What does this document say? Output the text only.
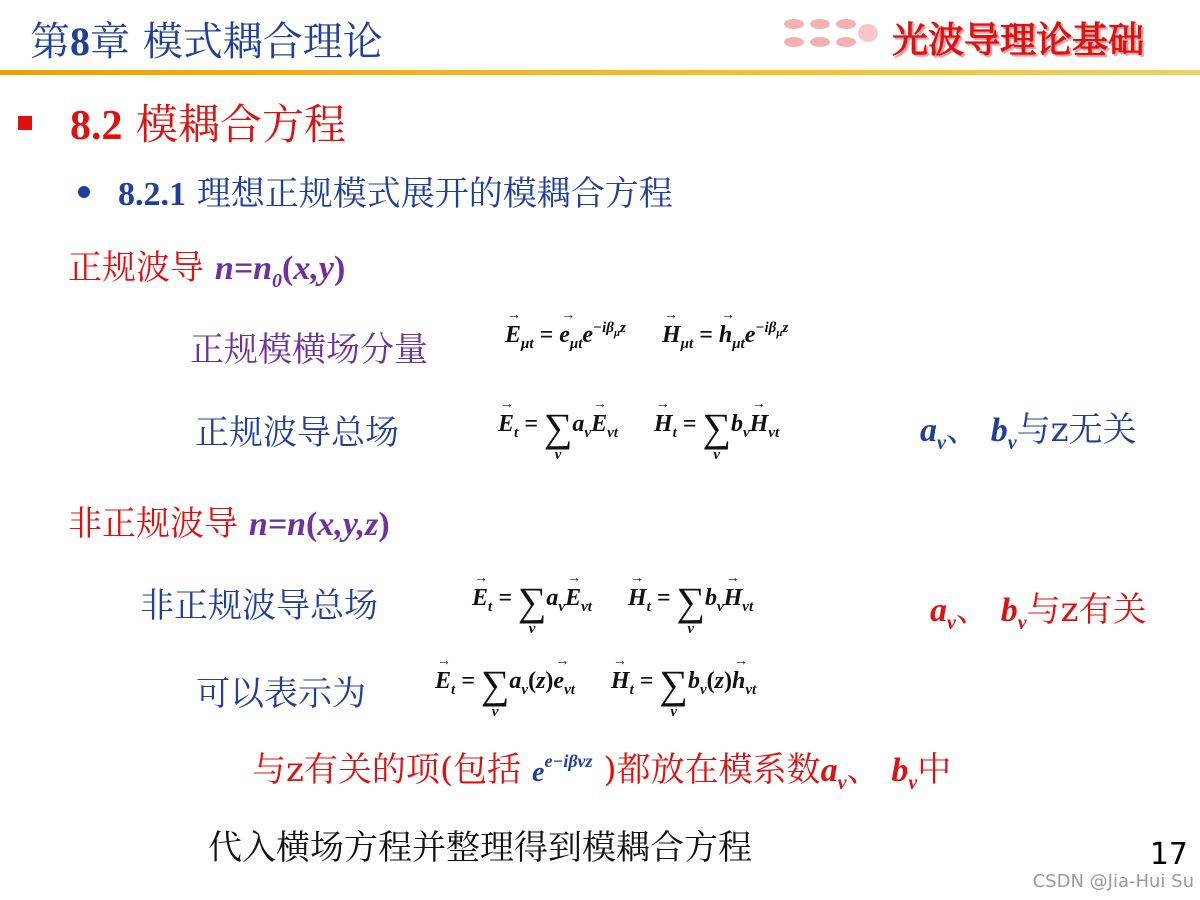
第8章 模式耦合理论	光波导理论基础
8.2 模耦合方程
8.2.1 理想正规模式展开的模耦合方程
正规波导 $n=n_0(x,y)$
正规模横场分量
→	$E_{\mu t}$ = → $e_{\mu t}e^{-i\beta_\mu z}$      → $H_{\mu t}$ = → $h_{\mu t}e^{-i\beta_\mu z}$
正规波导总场
→	$E_t$ = ∑
ν
$a_\nu\to E_{\nu t}$      → $H_t$ = ∑
ν
$b_\nu\to H_{\nu t}$	$a_\nu$、 $b_\nu$与z无关
非正规波导 n=n(x,y,z)
非正规波导总场
→	$E_t$ = ∑
ν
$a_\nu\to E_{\nu t}$      → $H_t$ = ∑
ν
$b_\nu\to H_{\nu t}$	$a_\nu$、 $b_\nu$与z有关
可以表示为
→	$E_t$ = ∑
ν
$a_\nu(z)\to e_{\nu t}$      → $H_t$ = ∑
ν
$b_\nu(z)\to h_{\nu t}$
与z有关的项(包括 $e^{e-i\beta\nu z}$ )都放在模系数$a_\nu$、 $b_\nu$中
代入横场方程并整理得到模耦合方程	17
CSDN @Jia-Hui Su
